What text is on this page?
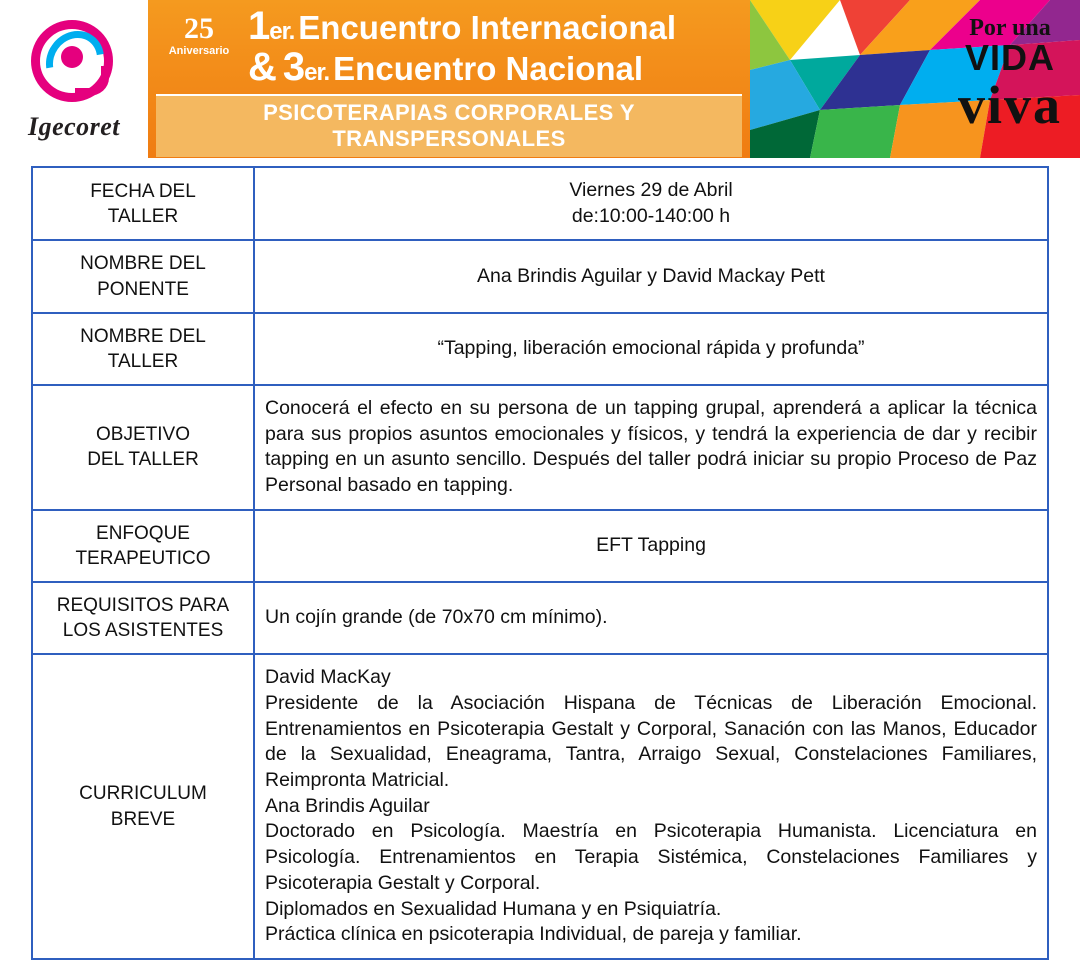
Igecoret
25
Aniversario
1 er. Encuentro Internacional
& 3 er. Encuentro Nacional
PSICOTERAPIAS CORPORALES Y TRANSPERSONALES
Por una
VIDA
viva
FECHA DEL
TALLER	Viernes 29 de Abril
de:10:00-140:00 h

NOMBRE DEL
PONENTE	Ana Brindis Aguilar y David Mackay Pett

NOMBRE DEL
TALLER	“Tapping, liberación emocional rápida y profunda”

OBJETIVO
DEL TALLER	Conocerá el efecto en su persona de un tapping grupal, aprenderá a aplicar la técnica para sus propios asuntos emocionales y físicos, y tendrá la experiencia de dar y recibir tapping en un asunto sencillo. Después del taller podrá iniciar su propio Proceso de Paz Personal basado en tapping.

ENFOQUE
TERAPEUTICO	EFT Tapping

REQUISITOS PARA
LOS ASISTENTES	Un cojín grande (de 70x70 cm mínimo).

CURRICULUM
BREVE

David MacKay
Presidente de la Asociación Hispana de Técnicas de Liberación Emocional. Entrenamientos en Psicoterapia Gestalt y Corporal, Sanación con las Manos, Educador de la Sexualidad, Eneagrama, Tantra, Arraigo Sexual, Constelaciones Familiares, Reimpronta Matricial.
Ana Brindis Aguilar
Doctorado en Psicología. Maestría en Psicoterapia Humanista. Licenciatura en Psicología. Entrenamientos en Terapia Sistémica, Constelaciones Familiares y Psicoterapia Gestalt y Corporal.
Diplomados en Sexualidad Humana y en Psiquiatría.
Práctica clínica en psicoterapia Individual, de pareja y familiar.
